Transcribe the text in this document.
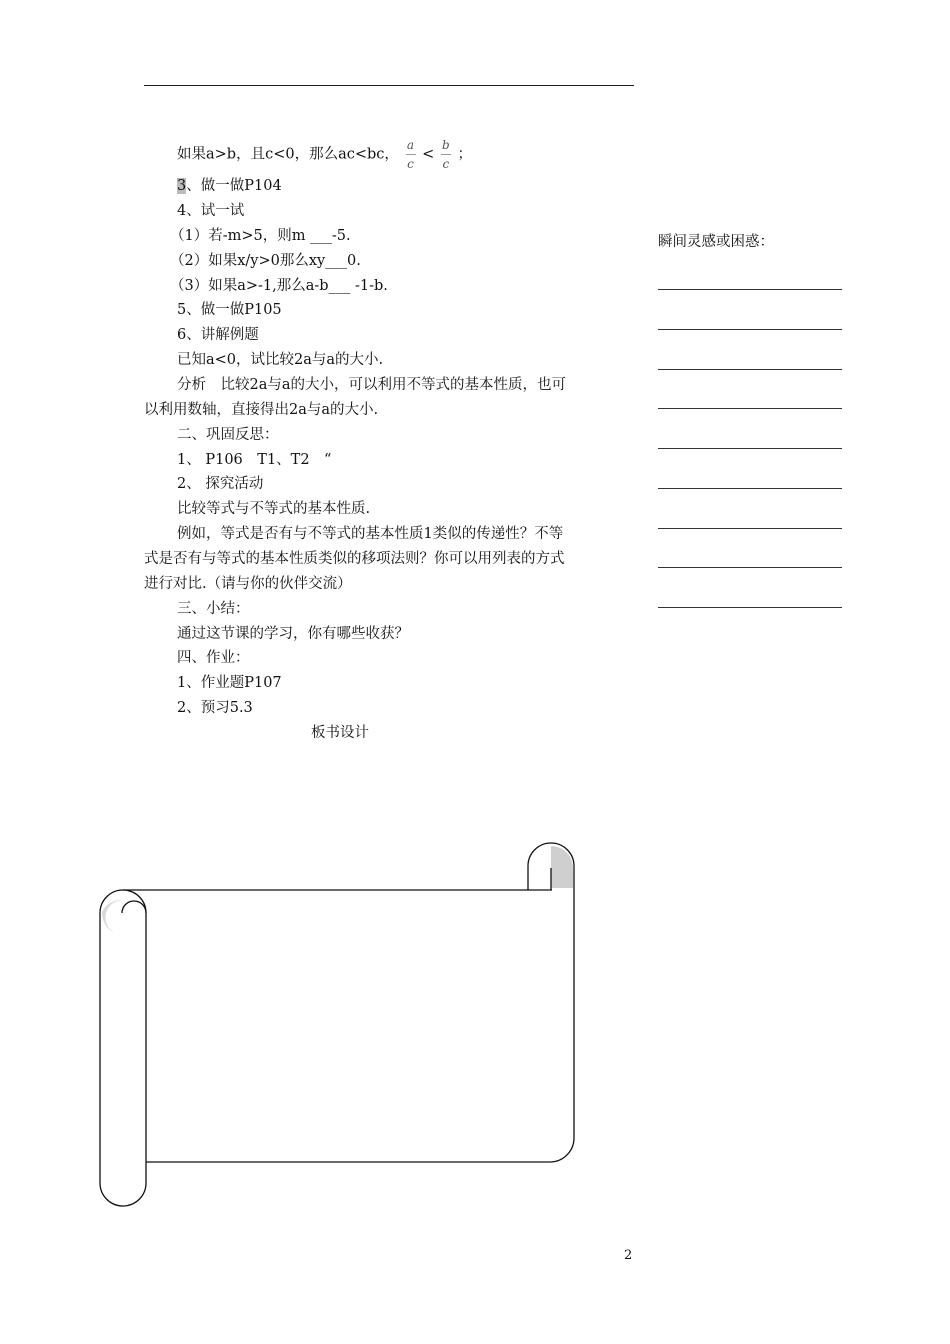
如果a>b，且c<0，那么ac<bc， $\frac{a}{c} < \frac{b}{c}$ ；
3、做一做P104
4、试一试
（1）若-m>5，则m ___-5.
（2）如果x/y>0那么xy___0.
（3）如果a>-1,那么a-b___ -1-b.
5、做一做P105
6、讲解例题
已知a<0，试比较2a与a的大小.
分析　比较2a与a的大小，可以利用不等式的基本性质，也可
以利用数轴，直接得出2a与a的大小.
二、巩固反思：
1、 P106　T1、T2　“
2、 探究活动
比较等式与不等式的基本性质.
例如，等式是否有与不等式的基本性质1类似的传递性？不等
式是否有与等式的基本性质类似的移项法则？你可以用列表的方式
进行对比.（请与你的伙伴交流）
三、小结：
通过这节课的学习，你有哪些收获？
四、作业：
1、作业题P107
2、预习5.3
板书设计
瞬间灵感或困惑：
2
